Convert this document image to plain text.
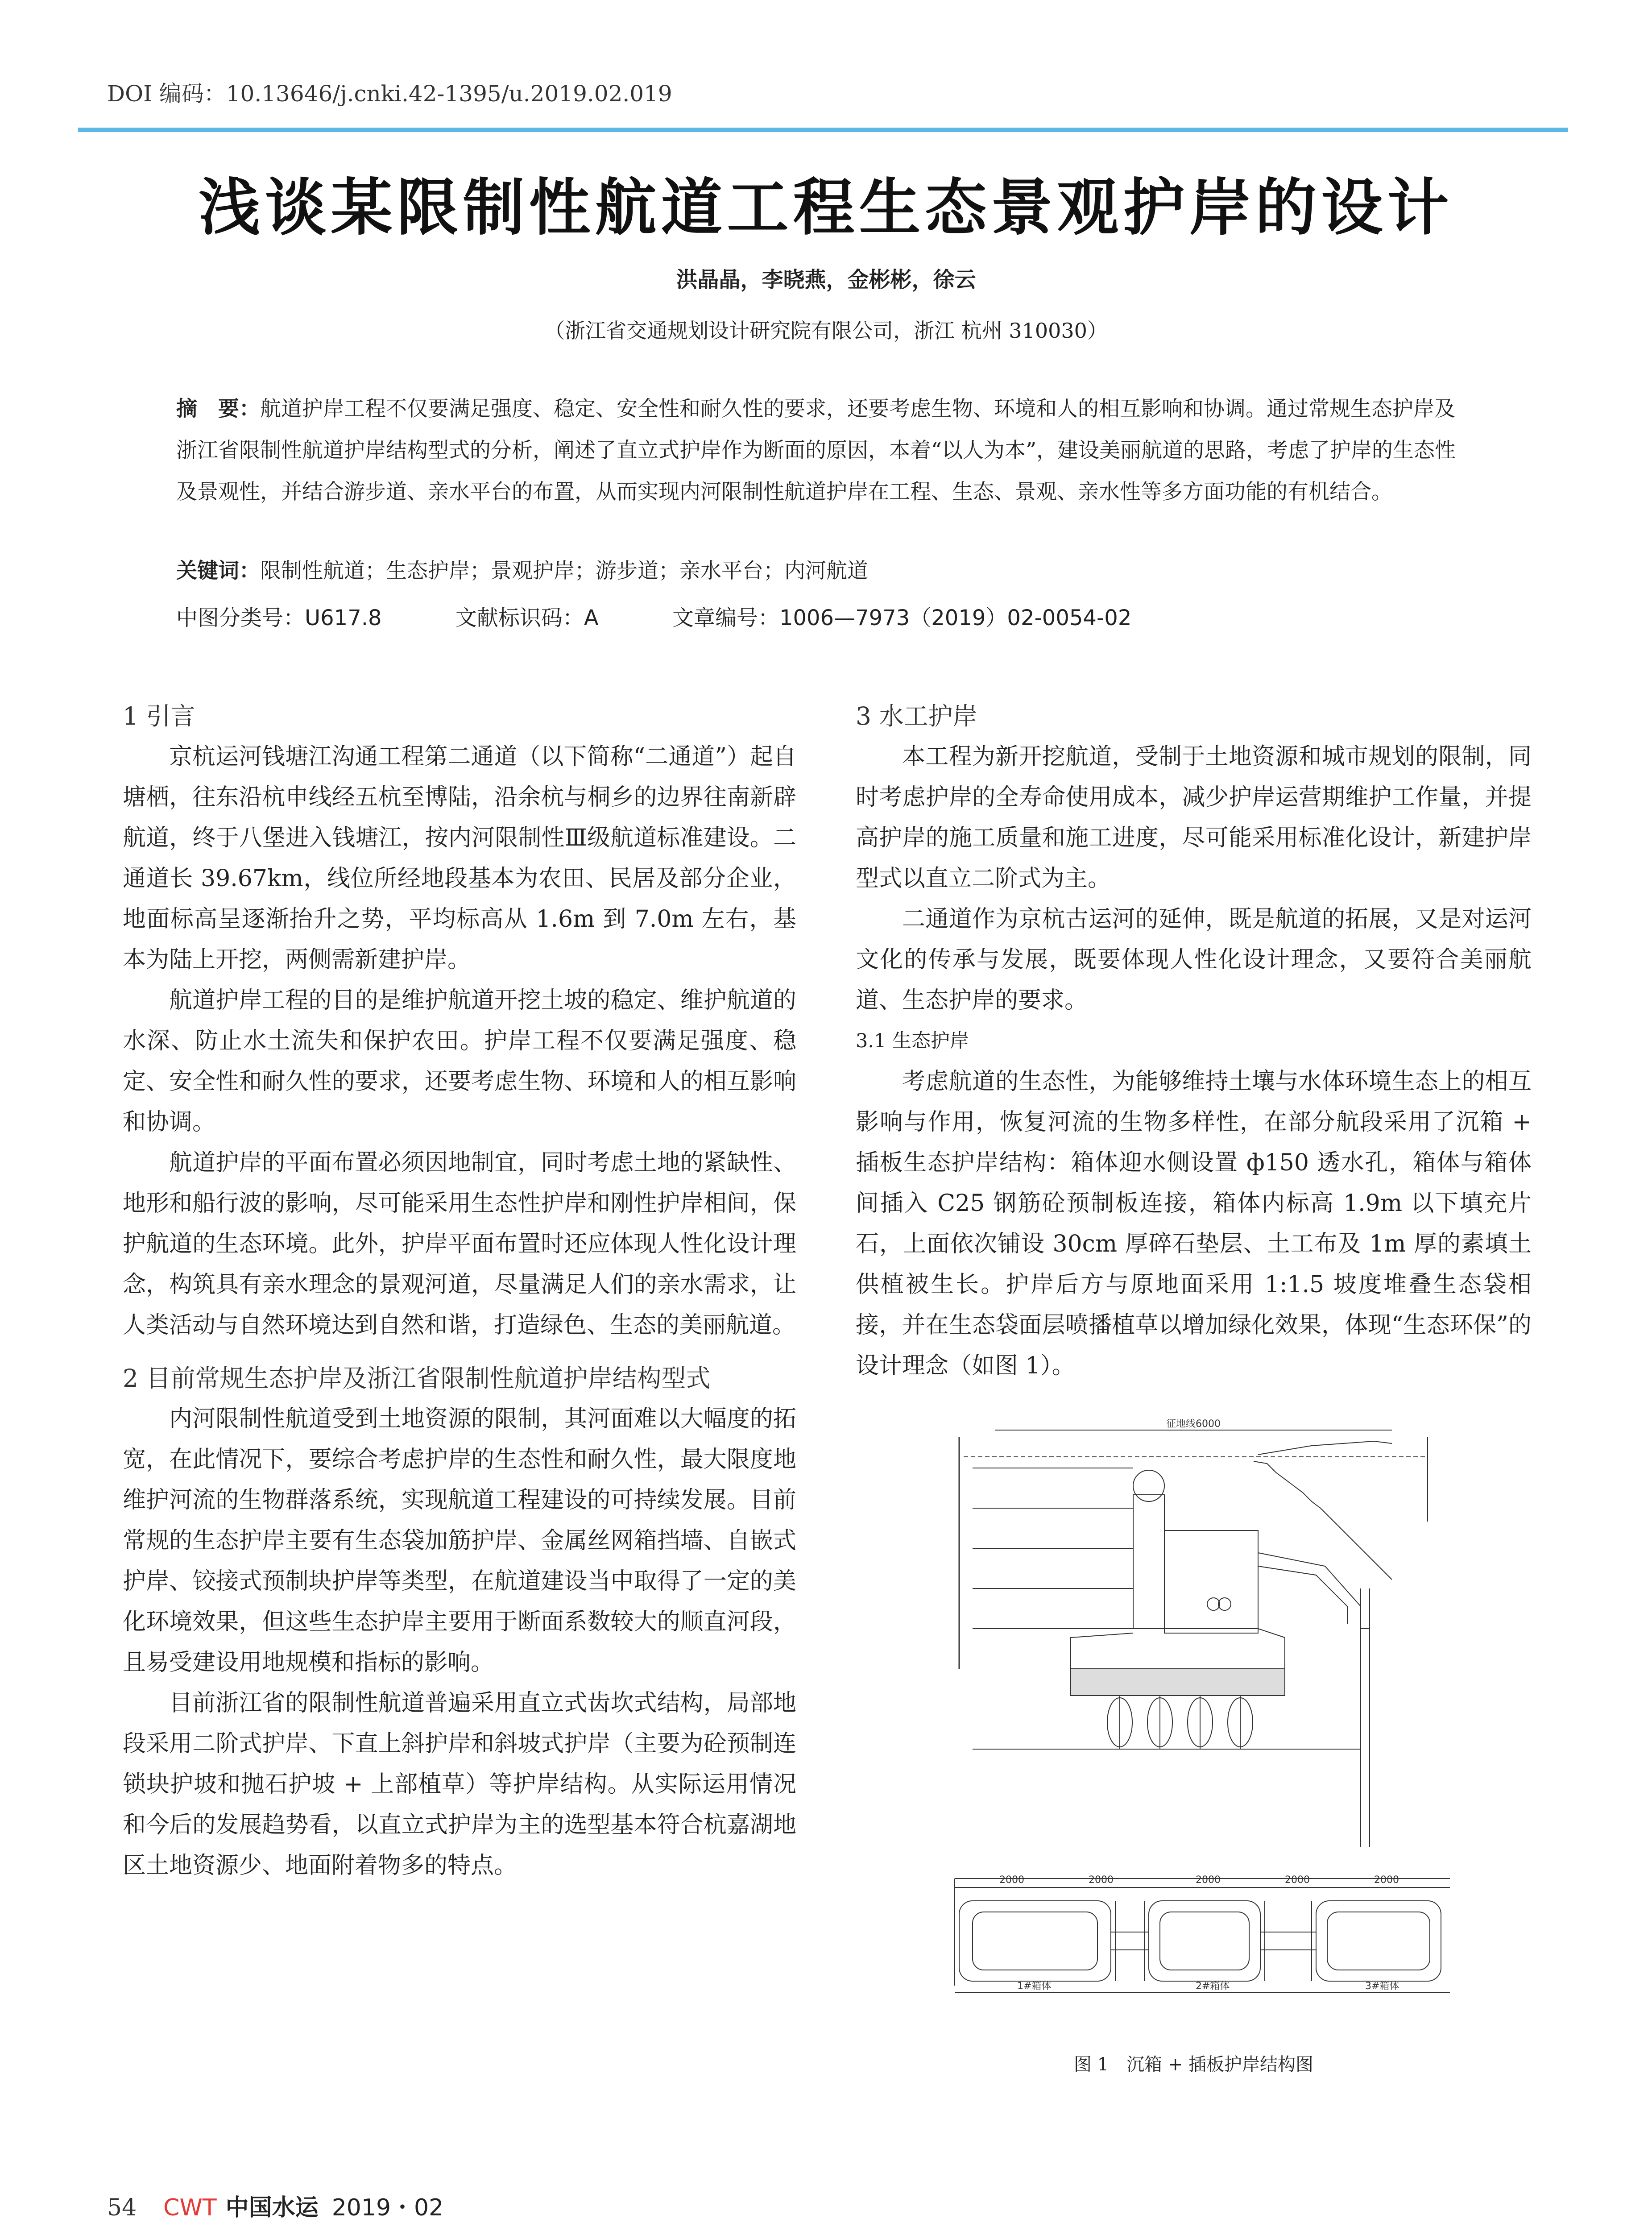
DOI 编码：10.13646/j.cnki.42-1395/u.2019.02.019
浅谈某限制性航道工程生态景观护岸的设计
洪晶晶，李晓燕，金彬彬，徐云
（浙江省交通规划设计研究院有限公司，浙江 杭州 310030）
摘　要：航道护岸工程不仅要满足强度、稳定、安全性和耐久性的要求，还要考虑生物、环境和人的相互影响和协调。通过常规生态护岸及浙江省限制性航道护岸结构型式的分析，阐述了直立式护岸作为断面的原因，本着“以人为本”，建设美丽航道的思路，考虑了护岸的生态性及景观性，并结合游步道、亲水平台的布置，从而实现内河限制性航道护岸在工程、生态、景观、亲水性等多方面功能的有机结合。
关键词：限制性航道；生态护岸；景观护岸；游步道；亲水平台；内河航道
中图分类号：U617.8	文献标识码：A	文章编号：1006—7973（2019）02-0054-02
1 引言

京杭运河钱塘江沟通工程第二通道（以下简称“二通道”）起自塘栖，往东沿杭申线经五杭至博陆，沿余杭与桐乡的边界往南新辟航道，终于八堡进入钱塘江，按内河限制性Ⅲ级航道标准建设。二通道长 39.67km，线位所经地段基本为农田、民居及部分企业，地面标高呈逐渐抬升之势，平均标高从 1.6m 到 7.0m 左右，基本为陆上开挖，两侧需新建护岸。

航道护岸工程的目的是维护航道开挖土坡的稳定、维护航道的水深、防止水土流失和保护农田。护岸工程不仅要满足强度、稳定、安全性和耐久性的要求，还要考虑生物、环境和人的相互影响和协调。

航道护岸的平面布置必须因地制宜，同时考虑土地的紧缺性、地形和船行波的影响，尽可能采用生态性护岸和刚性护岸相间，保护航道的生态环境。此外，护岸平面布置时还应体现人性化设计理念，构筑具有亲水理念的景观河道，尽量满足人们的亲水需求，让人类活动与自然环境达到自然和谐，打造绿色、生态的美丽航道。

2 目前常规生态护岸及浙江省限制性航道护岸结构型式

内河限制性航道受到土地资源的限制，其河面难以大幅度的拓宽，在此情况下，要综合考虑护岸的生态性和耐久性，最大限度地维护河流的生物群落系统，实现航道工程建设的可持续发展。目前常规的生态护岸主要有生态袋加筋护岸、金属丝网箱挡墙、自嵌式护岸、铰接式预制块护岸等类型，在航道建设当中取得了一定的美化环境效果，但这些生态护岸主要用于断面系数较大的顺直河段，且易受建设用地规模和指标的影响。

目前浙江省的限制性航道普遍采用直立式齿坎式结构，局部地段采用二阶式护岸、下直上斜护岸和斜坡式护岸（主要为砼预制连锁块护坡和抛石护坡 + 上部植草）等护岸结构。从实际运用情况和今后的发展趋势看，以直立式护岸为主的选型基本符合杭嘉湖地区土地资源少、地面附着物多的特点。

3 水工护岸

本工程为新开挖航道，受制于土地资源和城市规划的限制，同时考虑护岸的全寿命使用成本，减少护岸运营期维护工作量，并提高护岸的施工质量和施工进度，尽可能采用标准化设计，新建护岸型式以直立二阶式为主。

二通道作为京杭古运河的延伸，既是航道的拓展，又是对运河文化的传承与发展，既要体现人性化设计理念，又要符合美丽航道、生态护岸的要求。

3.1 生态护岸

考虑航道的生态性，为能够维持土壤与水体环境生态上的相互影响与作用，恢复河流的生物多样性，在部分航段采用了沉箱 + 插板生态护岸结构：箱体迎水侧设置 ф150 透水孔，箱体与箱体间插入 C25 钢筋砼预制板连接，箱体内标高 1.9m 以下填充片石，上面依次铺设 30cm 厚碎石垫层、土工布及 1m 厚的素填土供植被生长。护岸后方与原地面采用 1:1.5 坡度堆叠生态袋相接，并在生态袋面层喷播植草以增加绿化效果，体现“生态环保”的设计理念（如图 1）。

征地线6000
2000	2000	2000	2000	2000
1#箱体	2#箱体	3#箱体
图 1　沉箱 + 插板护岸结构图
54 CWT 中国水运 2019・02
